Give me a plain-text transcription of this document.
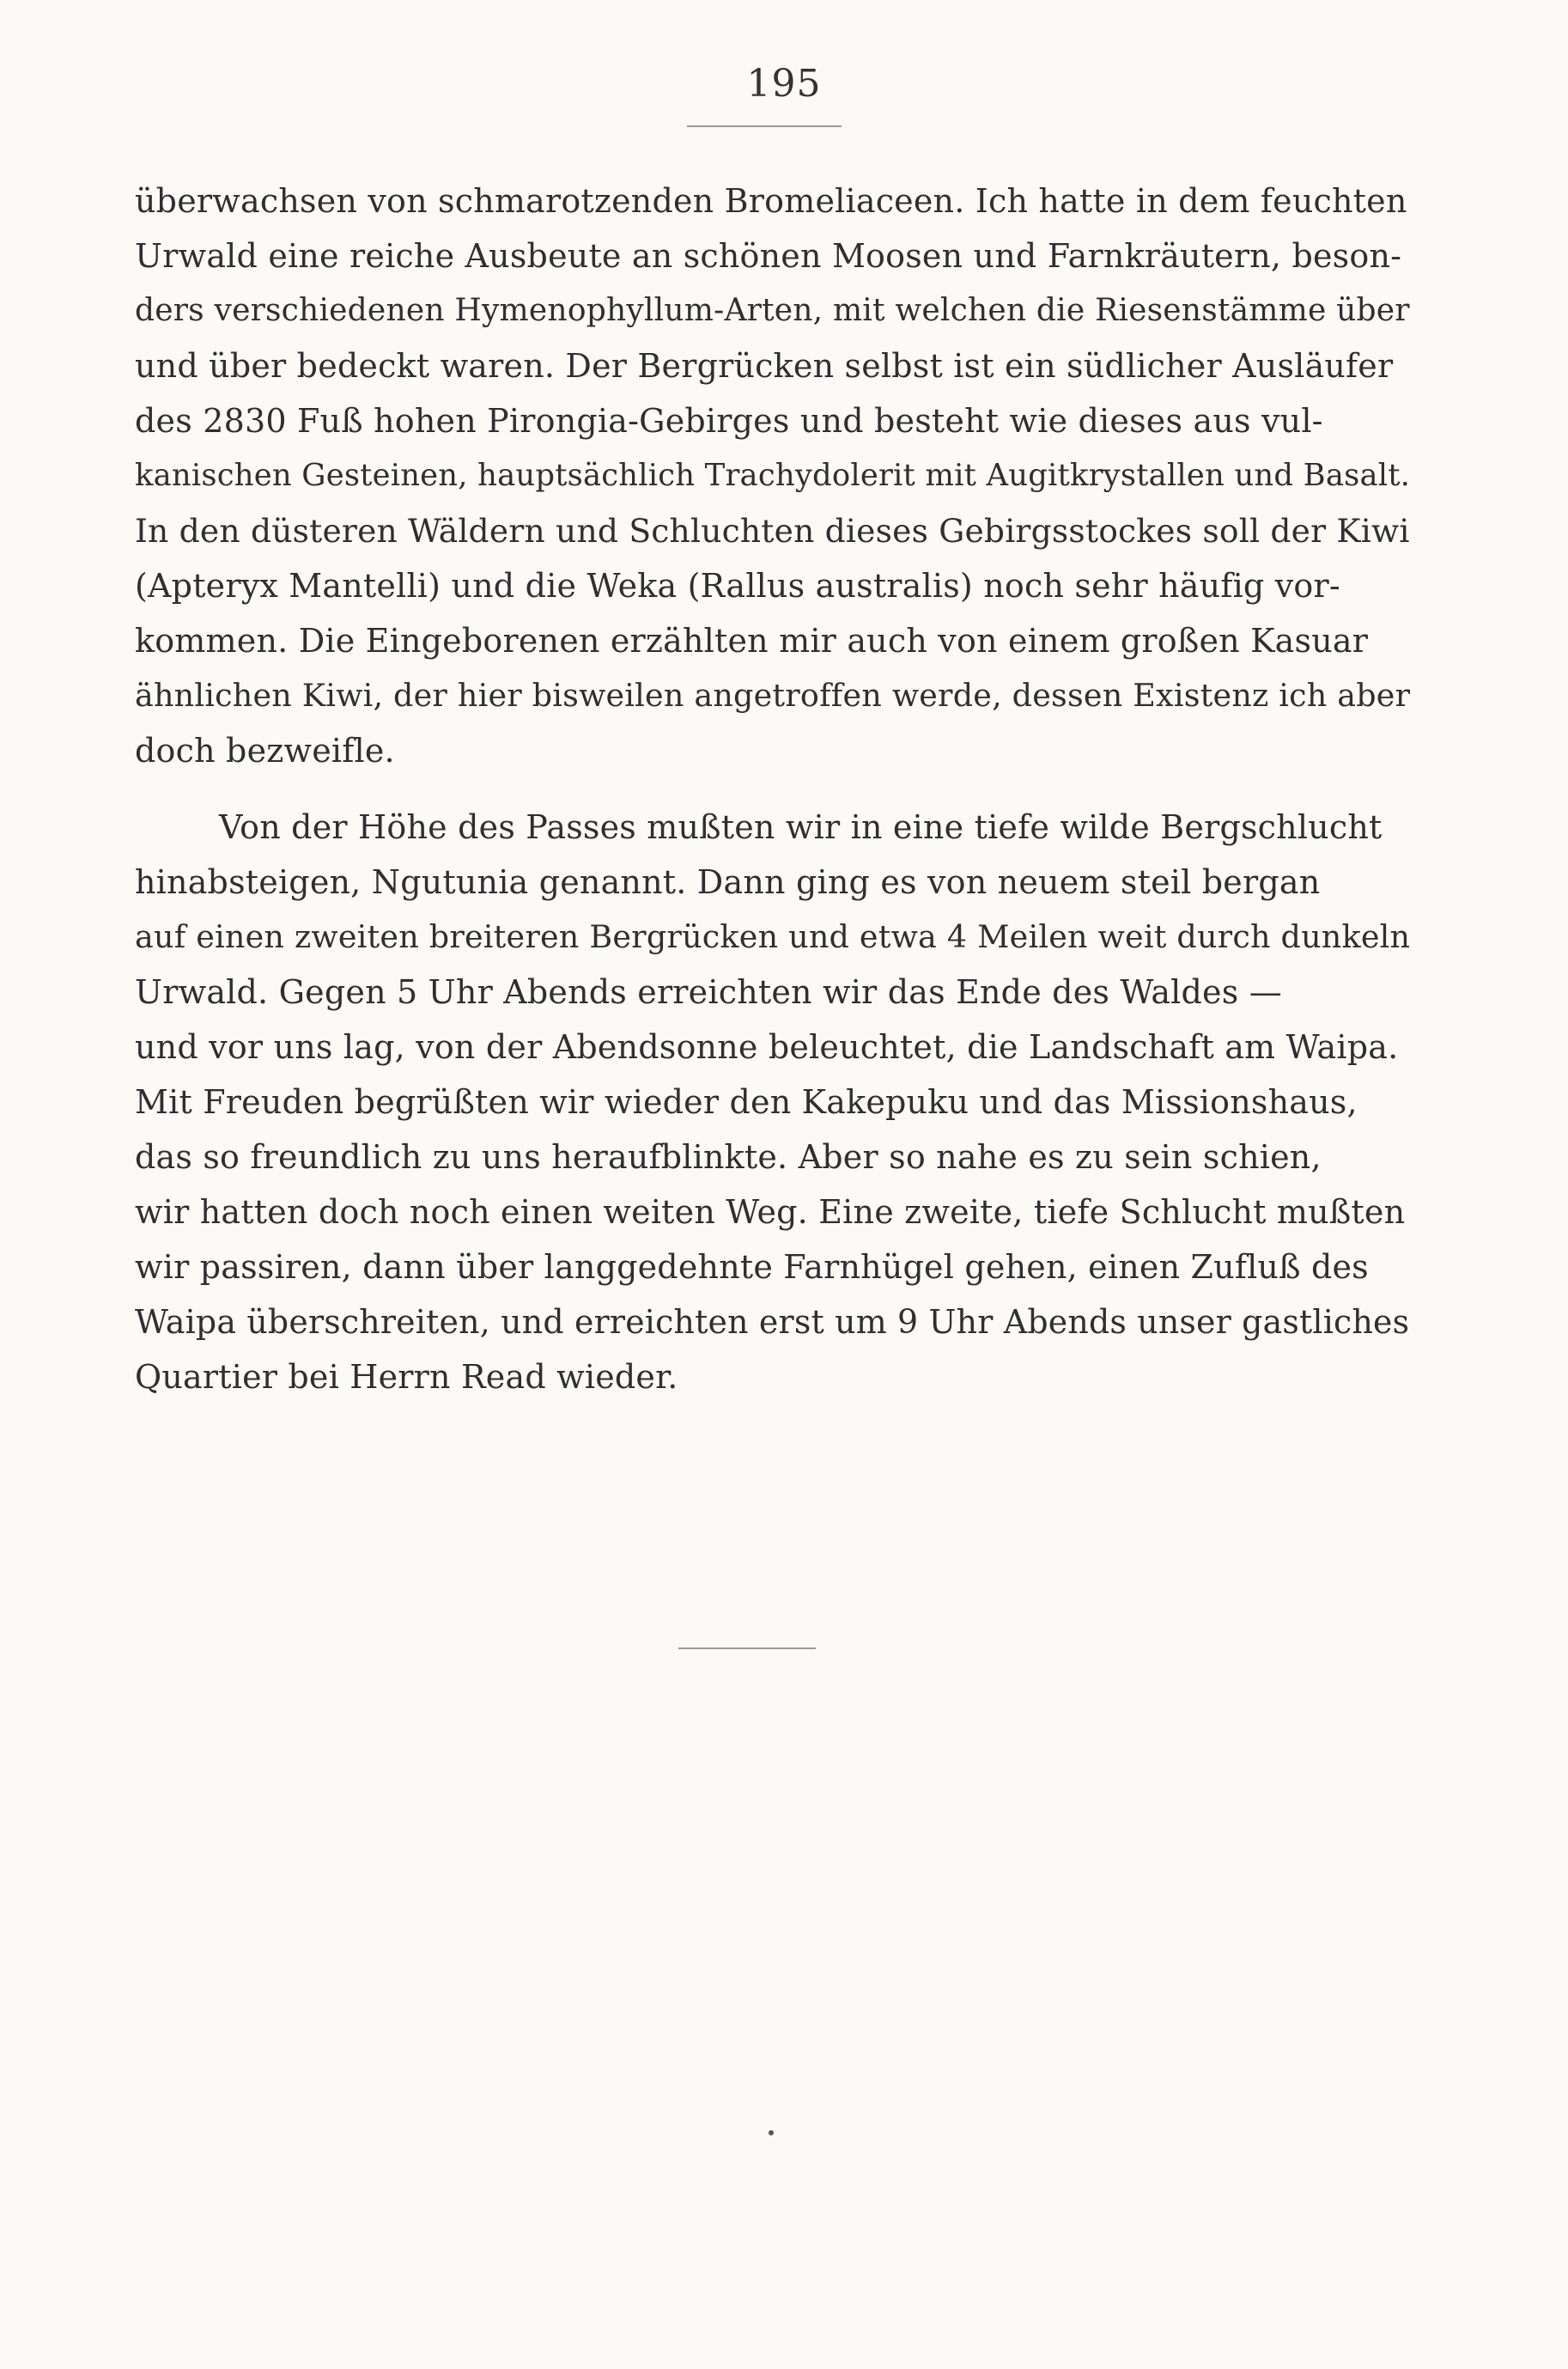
195

überwachsen von schmarotzenden Bromeliaceen. Ich hatte in dem feuchten
Urwald eine reiche Ausbeute an schönen Moosen und Farnkräutern, beson-
ders verschiedenen Hymenophyllum-Arten, mit welchen die Riesenstämme über
und über bedeckt waren. Der Bergrücken selbst ist ein südlicher Ausläufer
des 2830 Fuß hohen Pirongia-Gebirges und besteht wie dieses aus vul-
kanischen Gesteinen, hauptsächlich Trachydolerit mit Augitkrystallen und Basalt.
In den düsteren Wäldern und Schluchten dieses Gebirgsstockes soll der Kiwi
(Apteryx Mantelli) und die Weka (Rallus australis) noch sehr häufig vor-
kommen. Die Eingeborenen erzählten mir auch von einem großen Kasuar
ähnlichen Kiwi, der hier bisweilen angetroffen werde, dessen Existenz ich aber
doch bezweifle.

Von der Höhe des Passes mußten wir in eine tiefe wilde Bergschlucht
hinabsteigen, Ngutunia genannt. Dann ging es von neuem steil bergan
auf einen zweiten breiteren Bergrücken und etwa 4 Meilen weit durch dunkeln
Urwald. Gegen 5 Uhr Abends erreichten wir das Ende des Waldes —
und vor uns lag, von der Abendsonne beleuchtet, die Landschaft am Waipa.
Mit Freuden begrüßten wir wieder den Kakepuku und das Missionshaus,
das so freundlich zu uns heraufblinkte. Aber so nahe es zu sein schien,
wir hatten doch noch einen weiten Weg. Eine zweite, tiefe Schlucht mußten
wir passiren, dann über langgedehnte Farnhügel gehen, einen Zufluß des
Waipa überschreiten, und erreichten erst um 9 Uhr Abends unser gastliches
Quartier bei Herrn Read wieder.
